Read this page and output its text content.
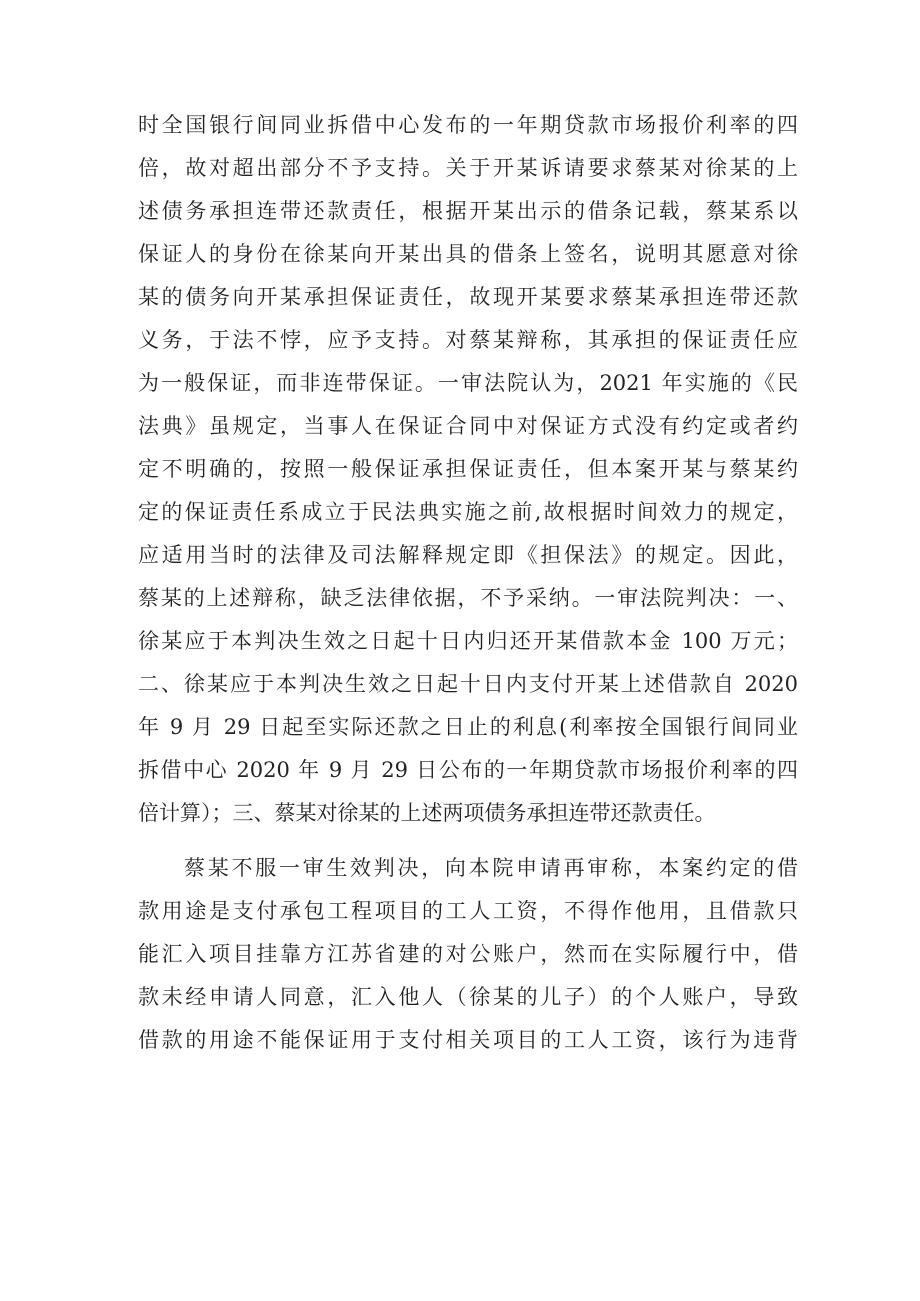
时全国银行间同业拆借中心发布的一年期贷款市场报价利率的四

倍，故对超出部分不予支持。关于开某诉请要求蔡某对徐某的上

述债务承担连带还款责任，根据开某出示的借条记载，蔡某系以

保证人的身份在徐某向开某出具的借条上签名，说明其愿意对徐

某的债务向开某承担保证责任，故现开某要求蔡某承担连带还款

义务，于法不悖，应予支持。对蔡某辩称，其承担的保证责任应

为一般保证，而非连带保证。一审法院认为，2021 年实施的《民

法典》虽规定，当事人在保证合同中对保证方式没有约定或者约

定不明确的，按照一般保证承担保证责任，但本案开某与蔡某约

定的保证责任系成立于民法典实施之前,故根据时间效力的规定，

应适用当时的法律及司法解释规定即《担保法》的规定。因此，

蔡某的上述辩称，缺乏法律依据，不予采纳。一审法院判决：一、

徐某应于本判决生效之日起十日内归还开某借款本金 100 万元；

二、徐某应于本判决生效之日起十日内支付开某上述借款自 2020

年 9 月 29 日起至实际还款之日止的利息(利率按全国银行间同业

拆借中心 2020 年 9 月 29 日公布的一年期贷款市场报价利率的四

倍计算）；三、蔡某对徐某的上述两项债务承担连带还款责任。

蔡某不服一审生效判决，向本院申请再审称，本案约定的借

款用途是支付承包工程项目的工人工资，不得作他用，且借款只

能汇入项目挂靠方江苏省建的对公账户，然而在实际履行中，借

款未经申请人同意，汇入他人（徐某的儿子）的个人账户，导致

借款的用途不能保证用于支付相关项目的工人工资，该行为违背
